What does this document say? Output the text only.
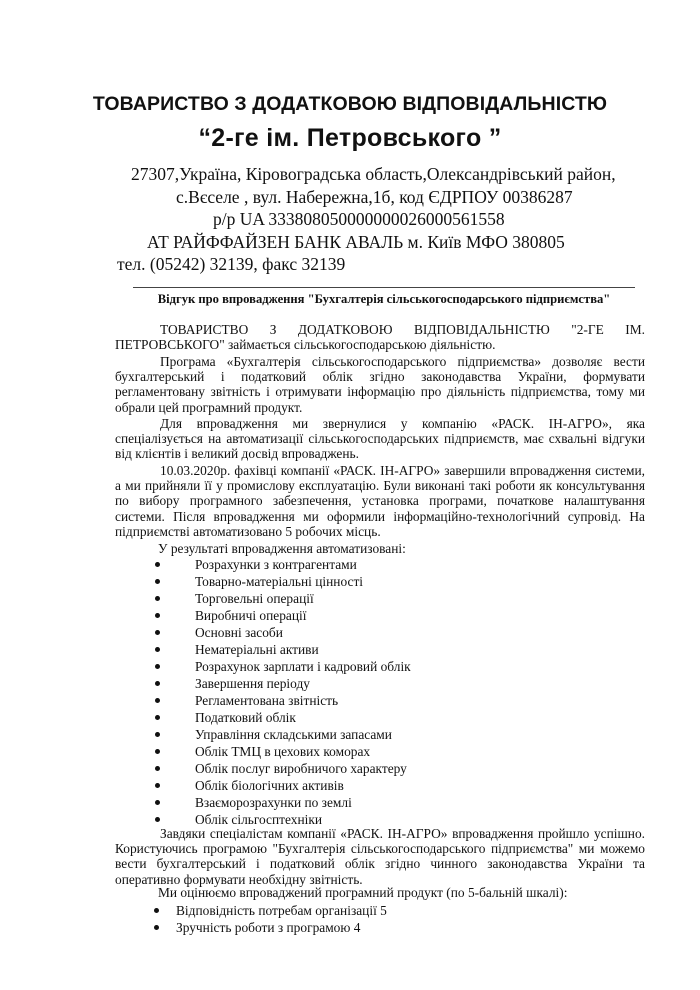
ТОВАРИСТВО З ДОДАТКОВОЮ ВІДПОВІДАЛЬНІСТЮ
“2-ге ім. Петровського ”
27307,Україна, Кіровоградська область,Олександрівський район,
с.Вєселе , вул. Набережна,1б, код ЄДРПОУ 00386287
р/р UA 333808050000000026000561558
АТ РАЙФФАЙЗЕН БАНК АВАЛЬ м. Київ МФО 380805
тел. (05242) 32139, факс 32139
Відгук про впровадження "Бухгалтерія сільськогосподарського підприємства"

ТОВАРИСТВО З ДОДАТКОВОЮ ВІДПОВІДАЛЬНІСТЮ "2-ГЕ ІМ. ПЕТРОВСЬКОГО" займається сільськогосподарською діяльністю.

Програма «Бухгалтерія сільськогосподарського підприємства» дозволяє вести бухгалтерський і податковий облік згідно законодавства України, формувати регламентовану звітність і отримувати інформацію про діяльність підприємства, тому ми обрали цей програмний продукт.

Для впровадження ми звернулися у компанію «РАСК. ІН-АГРО», яка спеціалізується на автоматизації сільськогосподарських підприємств, має схвальні відгуки від клієнтів і великий досвід впроваджень.

10.03.2020р. фахівці компанії «РАСК. ІН-АГРО» завершили впровадження системи, а ми прийняли її у промислову експлуатацію. Були виконані такі роботи як консультування по вибору програмного забезпечення, установка програми, початкове налаштування системи. Після впровадження ми оформили інформаційно-технологічний супровід. На підприємстві автоматизовано 5 робочих місць.

У результаті впровадження автоматизовані:

Розрахунки з контрагентами
Товарно-матеріальні цінності
Торговельні операції
Виробничі операції
Основні засоби
Нематеріальні активи
Розрахунок зарплати і кадровий облік
Завершення періоду
Регламентована звітність
Податковий облік
Управління складськими запасами
Облік ТМЦ в цехових коморах
Облік послуг виробничого характеру
Облік біологічних активів
Взаєморозрахунки по землі
Облік сільгосптехніки

Завдяки спеціалістам компанії «РАСК. ІН-АГРО» впровадження пройшло успішно. Користуючись програмою "Бухгалтерія сільськогосподарського підприємства" ми можемо вести бухгалтерський і податковий облік згідно чинного законодавства України та оперативно формувати необхідну звітність.

Ми оцінюємо впроваджений програмний продукт (по 5-бальній шкалі):

Відповідність потребам організації 5
Зручність роботи з програмою 4
